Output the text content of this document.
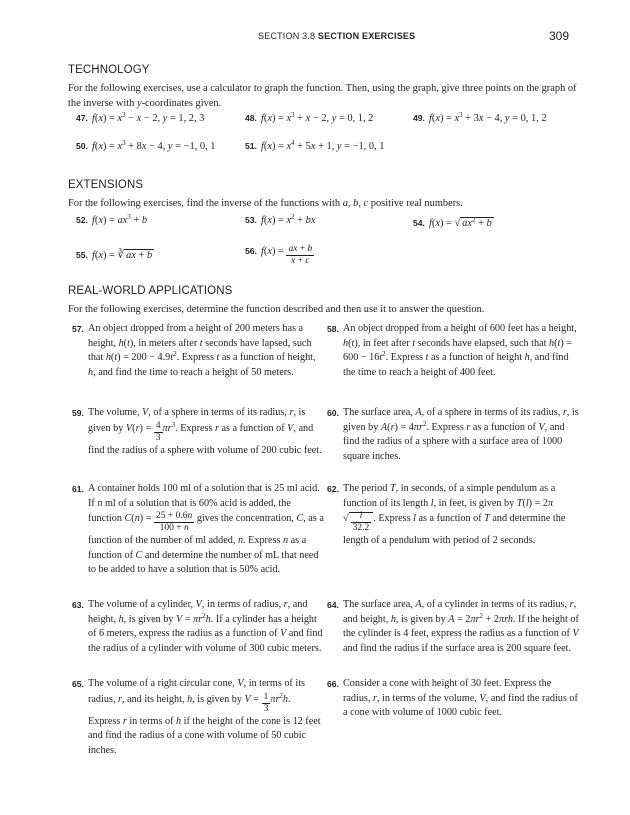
SECTION 3.8 SECTION EXERCISES	309
TECHNOLOGY
For the following exercises, use a calculator to graph the function. Then, using the graph, give three points on the graph of the inverse with y-coordinates given.
47. $f(x) = x^3 - x - 2$, y = 1, 2, 3	48. $f(x) = x^3 + x - 2$, y = 0, 1, 2	49. $f(x) = x^3 + 3x - 4$, y = 0, 1, 2
50. $f(x) = x^3 + 8x - 4$, y = −1, 0, 1	51. $f(x) = x^4 + 5x + 1$, y = −1, 0, 1
EXTENSIONS
For the following exercises, find the inverse of the functions with a, b, c positive real numbers.
52. $f(x) = ax^3 + b$	53. $f(x) = x^2$ + bx	54. f(x) = √ $ax^2 + b$
55. f(x) = ∛ ax + b	56. $f(x) = \frac{ax + b}{x + c}$
REAL-WORLD APPLICATIONS
For the following exercises, determine the function described and then use it to answer the question.
57. An object dropped from a height of 200 meters has a height, h(t), in meters after t seconds have lapsed, such that $h(t) = 200 - 4.9t^2$. Express t as a function of height, h, and find the time to reach a height of 50 meters.
58. An object dropped from a height of 600 feet has a height, h(t), in feet after t seconds have elapsed, such that $h(t) = 600 - 16t^2$. Express t as a function of height h, and find the time to reach a height of 400 feet.
59. The volume, V, of a sphere in terms of its radius, r, is given by $V(r) = \frac{4}{3} \pi r^3$. Express r as a function of V, and find the radius of a sphere with volume of 200 cubic feet.
60. The surface area, A, of a sphere in terms of its radius, r, is given by $A(r) = 4\pi r^2$. Express r as a function of V, and find the radius of a sphere with a surface area of 1000 square inches.
61. A container holds 100 ml of a solution that is 25 ml acid. If n ml of a solution that is 60% acid is added, the function $C(n) = \frac{25 + 0.6n}{100 + n}$ gives the concentration, C, as a function of the number of ml added, n. Express n as a function of C and determine the number of mL that need to be added to have a solution that is 50% acid.
62. The period T, in seconds, of a simple pendulum as a function of its length l, in feet, is given by $T(l) = 2\pi√ \frac{l}{32.2}$ . Express l as a function of T and determine the length of a pendulum with period of 2 seconds.
63. The volume of a cylinder, V, in terms of radius, r, and height, h, is given by $V = \pi r^2h$. If a cylinder has a height of 6 meters, express the radius as a function of V and find the radius of a cylinder with volume of 300 cubic meters.
64. The surface area, A, of a cylinder in terms of its radius, r, and height, h, is given by $A = 2\pi r^2 + 2\pi rh$. If the height of the cylinder is 4 feet, express the radius as a function of V and find the radius if the surface area is 200 square feet.
65. The volume of a right circular cone, V, in terms of its radius, r, and its height, h, is given by $V = \frac{1}{3} \pi r^2h$. Express r in terms of h if the height of the cone is 12 feet and find the radius of a cone with volume of 50 cubic inches.
66. Consider a cone with height of 30 feet. Express the radius, r, in terms of the volume, V, and find the radius of a cone with volume of 1000 cubic feet.
